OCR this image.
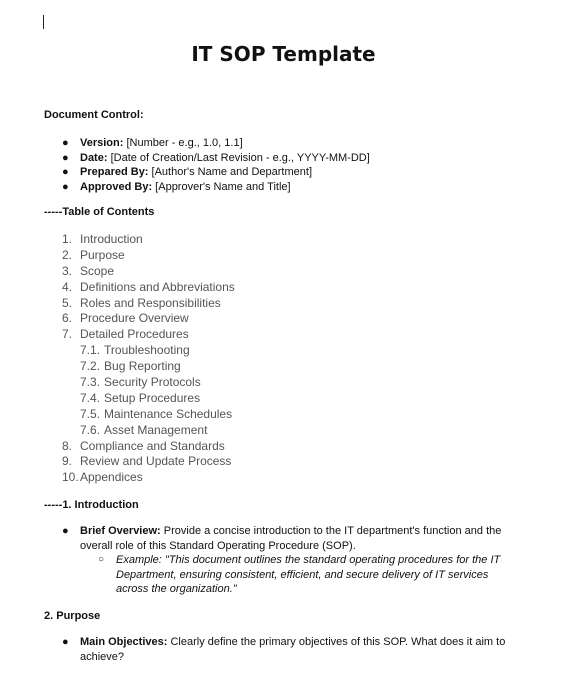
IT SOP Template
Document Control:
● Version: [Number - e.g., 1.0, 1.1]
● Date: [Date of Creation/Last Revision - e.g., YYYY-MM-DD]
● Prepared By: [Author's Name and Department]
● Approved By: [Approver's Name and Title]
-----Table of Contents
1. Introduction
2. Purpose
3. Scope
4. Definitions and Abbreviations
5. Roles and Responsibilities
6. Procedure Overview
7. Detailed Procedures
7.1. Troubleshooting
7.2. Bug Reporting
7.3. Security Protocols
7.4. Setup Procedures
7.5. Maintenance Schedules
7.6. Asset Management
8. Compliance and Standards
9. Review and Update Process
10.Appendices
-----1. Introduction
● Brief Overview: Provide a concise introduction to the IT department's function and the overall role of this Standard Operating Procedure (SOP).
○ Example: "This document outlines the standard operating procedures for the IT Department, ensuring consistent, efficient, and secure delivery of IT services across the organization."
2. Purpose
● Main Objectives: Clearly define the primary objectives of this SOP. What does it aim to achieve?
